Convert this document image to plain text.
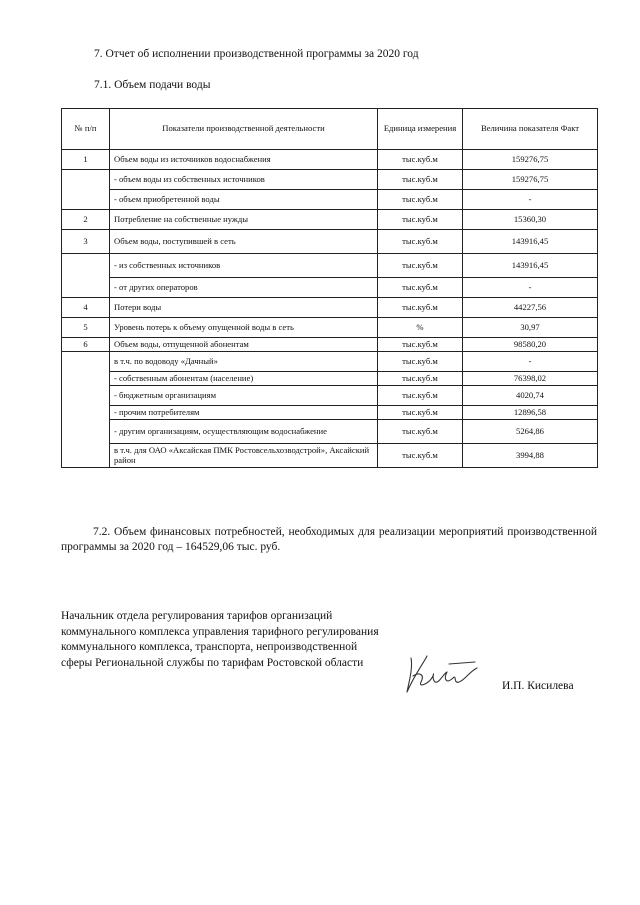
7. Отчет об исполнении производственной программы за 2020 год
7.1. Объем подачи воды
№ п/п	Показатели производственной деятельности	Единица измерения	Величина показателя Факт
1	Объем воды из источников водоснабжения	тыс.куб.м	159276,75
	- объем воды из собственных источников	тыс.куб.м	159276,75
	- объем приобретенной воды	тыс.куб.м	-
2	Потребление на собственные нужды	тыс.куб.м	15360,30
3	Объем воды, поступившей в сеть	тыс.куб.м	143916,45
	- из собственных источников	тыс.куб.м	143916,45
	- от других операторов	тыс.куб.м	-
4	Потери воды	тыс.куб.м	44227,56
5	Уровень потерь к объему опущенной воды в сеть	%	30,97
6	Объем воды, отпущенной абонентам	тыс.куб.м	98580,20
	в т.ч. по водоводу «Дачный»	тыс.куб.м	-
	- собственным абонентам (население)	тыс.куб.м	76398,02
	- бюджетным организациям	тыс.куб.м	4020,74
	- прочим потребителям	тыс.куб.м	12896,58
	- другим организациям, осуществляющим водоснабжение	тыс.куб.м	5264,86
	в т.ч. для ОАО «Аксайская ПМК Ростовсельхозводстрой», Аксайский район	тыс.куб.м	3994,88

7.2. Объем финансовых потребностей, необходимых для реализации мероприятий производственной программы за 2020 год – 164529,06 тыс. руб.

Начальник отдела регулирования тарифов организаций коммунального комплекса управления тарифного регулирования коммунального комплекса, транспорта, непроизводственной сферы Региональной службы по тарифам Ростовской области

И.П. Кисилева
